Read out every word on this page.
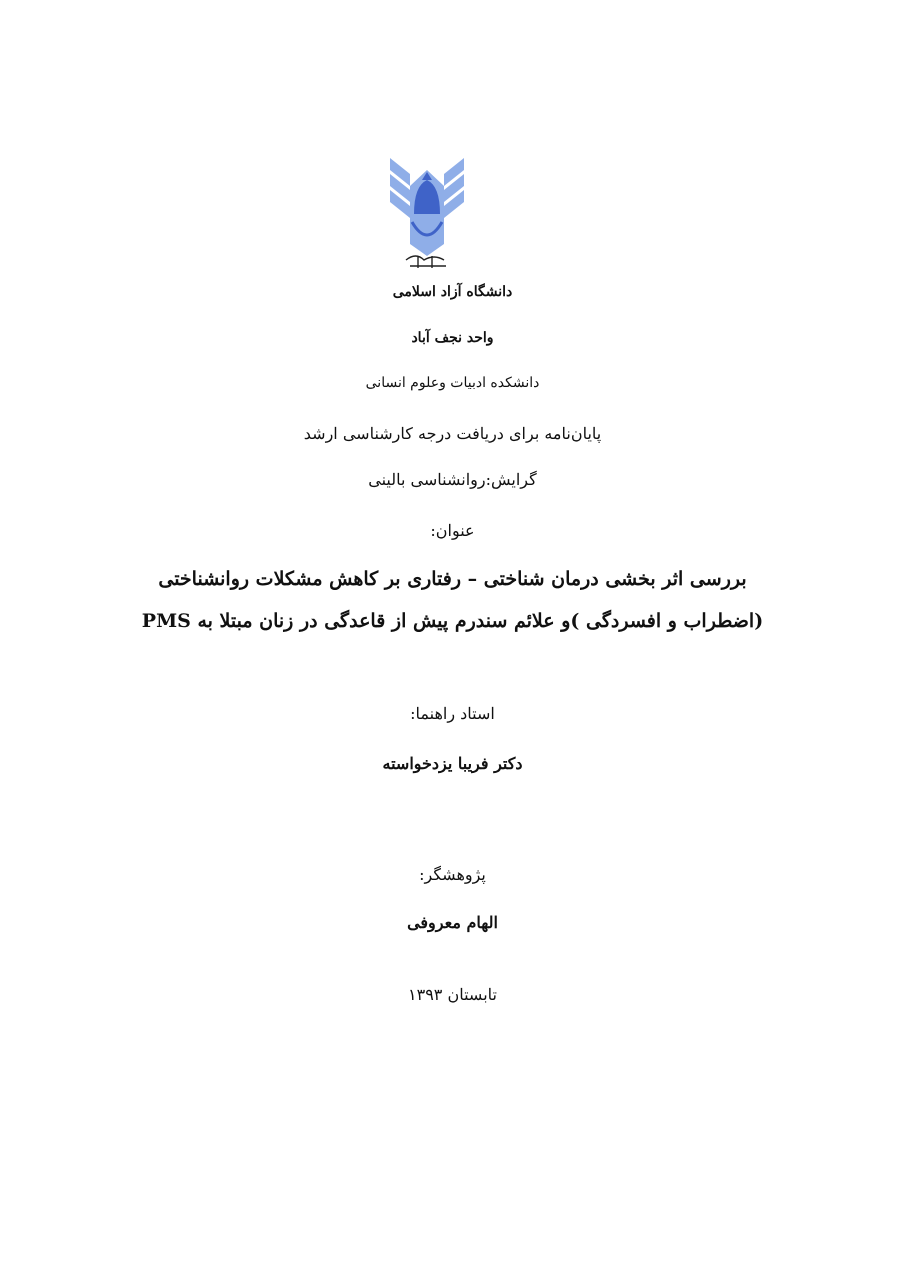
دانشگاه آزاد اسلامی
واحد نجف آباد
دانشکده ادبیات وعلوم انسانی
پایان‌نامه برای دریافت درجه کارشناسی ارشد
گرایش:روانشناسی بالینی
عنوان:
بررسی اثر بخشی درمان شناختی – رفتاری بر کاهش مشکلات روانشناختی
(اضطراب و افسردگی )و علائم سندرم پیش از قاعدگی در زنان مبتلا به PMS
استاد راهنما:
دکتر فریبا یزدخواسته
پژوهشگر:
الهام معروفی
تابستان ۱۳۹۳
